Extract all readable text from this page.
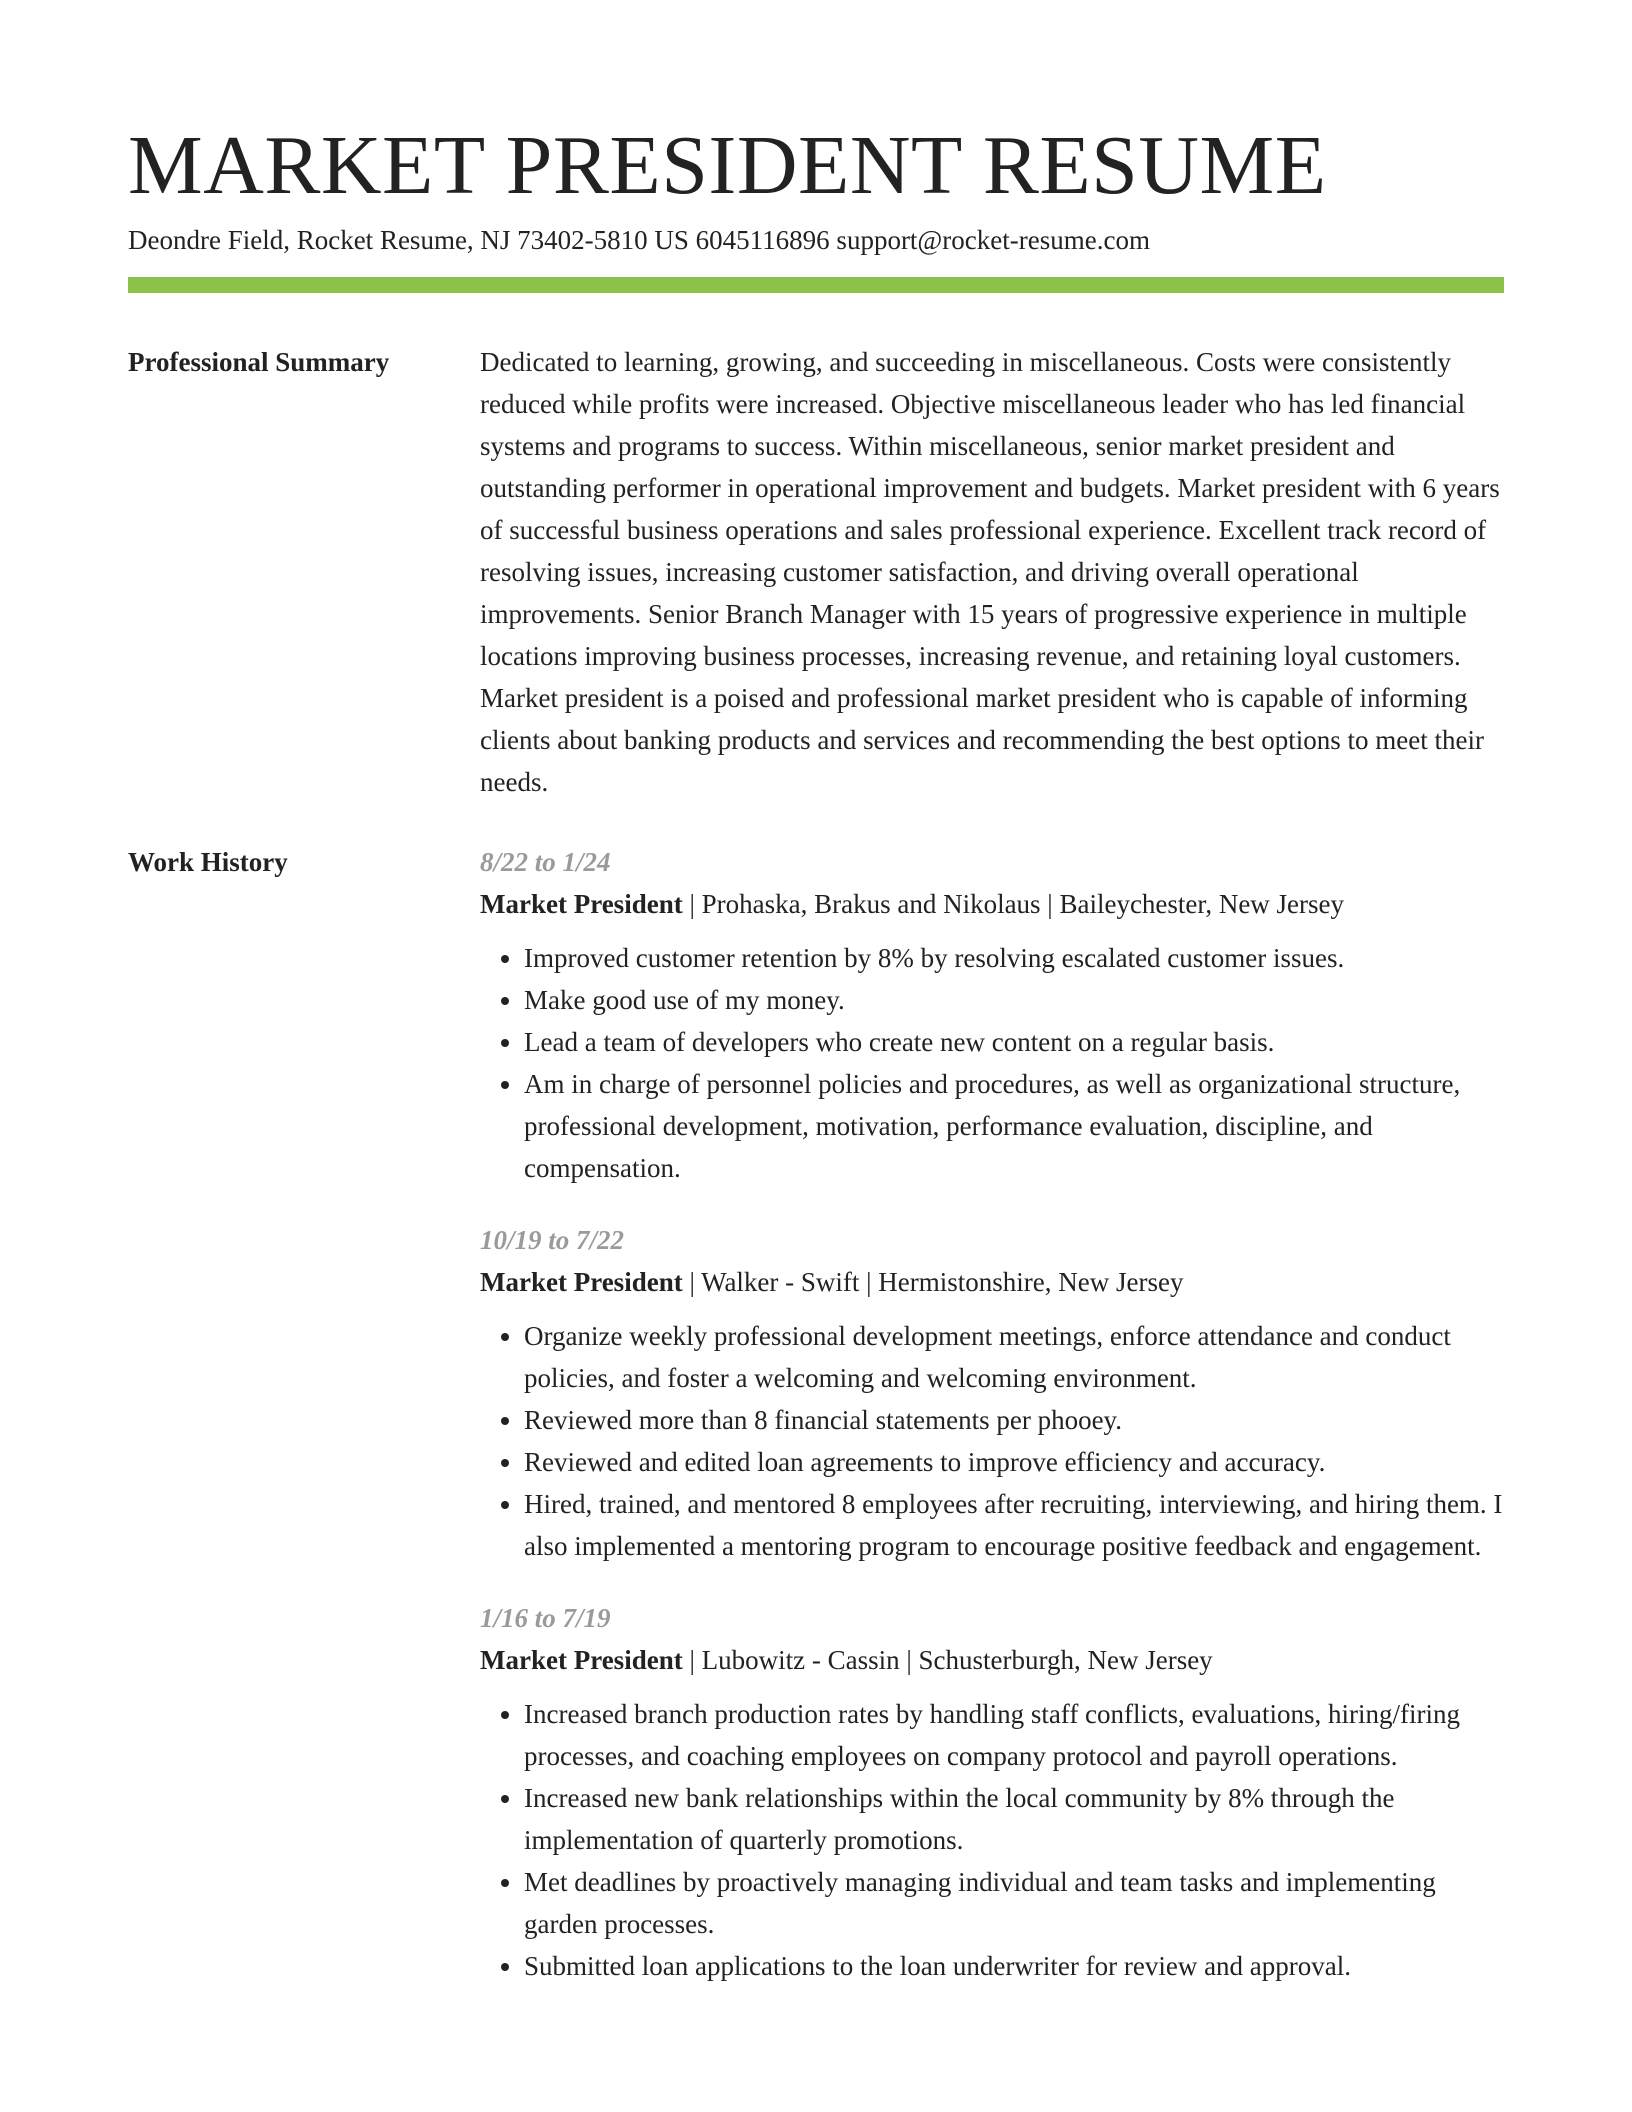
MARKET PRESIDENT RESUME
Deondre Field, Rocket Resume, NJ 73402-5810 US 6045116896 support@rocket-resume.com
Professional Summary	Dedicated to learning, growing, and succeeding in miscellaneous. Costs were consistently reduced while profits were increased. Objective miscellaneous leader who has led financial systems and programs to success. Within miscellaneous, senior market president and outstanding performer in operational improvement and budgets. Market president with 6 years of successful business operations and sales professional experience. Excellent track record of resolving issues, increasing customer satisfaction, and driving overall operational improvements. Senior Branch Manager with 15 years of progressive experience in multiple locations improving business processes, increasing revenue, and retaining loyal customers. Market president is a poised and professional market president who is capable of informing clients about banking products and services and recommending the best options to meet their needs.

Work History	8/22 to 1/24
Market President | Prohaska, Brakus and Nikolaus | Baileychester, New Jersey
• Improved customer retention by 8% by resolving escalated customer issues.
• Make good use of my money.
• Lead a team of developers who create new content on a regular basis.
• Am in charge of personnel policies and procedures, as well as organizational structure, professional development, motivation, performance evaluation, discipline, and compensation.
10/19 to 7/22
Market President | Walker - Swift | Hermistonshire, New Jersey
• Organize weekly professional development meetings, enforce attendance and conduct policies, and foster a welcoming and welcoming environment.
• Reviewed more than 8 financial statements per phooey.
• Reviewed and edited loan agreements to improve efficiency and accuracy.
• Hired, trained, and mentored 8 employees after recruiting, interviewing, and hiring them. I also implemented a mentoring program to encourage positive feedback and engagement.
1/16 to 7/19
Market President | Lubowitz - Cassin | Schusterburgh, New Jersey
• Increased branch production rates by handling staff conflicts, evaluations, hiring/firing processes, and coaching employees on company protocol and payroll operations.
• Increased new bank relationships within the local community by 8% through the implementation of quarterly promotions.
• Met deadlines by proactively managing individual and team tasks and implementing garden processes.
• Submitted loan applications to the loan underwriter for review and approval.
